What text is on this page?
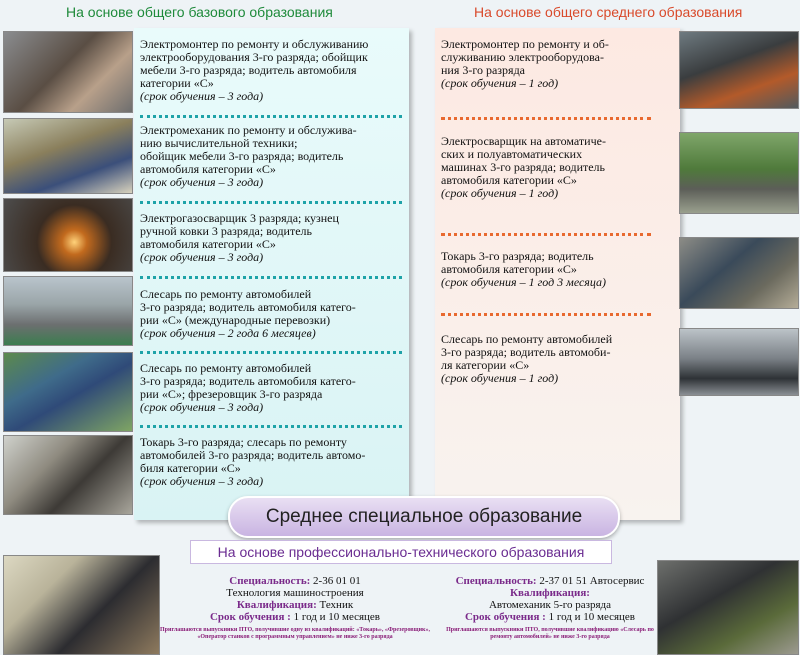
На основе общего базового образования	На основе общего среднего образования
Электромонтер по ремонту и обслуживанию
электрооборудования 3-го разряда; обойщик
мебели 3-го разряда; водитель автомобиля
категории «С»
(срок обучения – 3 года)
Электромеханик по ремонту и обслужива-
нию вычислительной техники;
обойщик мебели 3-го разряда; водитель
автомобиля категории «С»
(срок обучения – 3 года)
Электрогазосварщик 3 разряда; кузнец
ручной ковки 3 разряда; водитель
автомобиля категории «С»
(срок обучения – 3 года)
Слесарь по ремонту автомобилей
3-го разряда; водитель автомобиля катего-
рии «С» (международные перевозки)
(срок обучения – 2 года 6 месяцев)
Слесарь по ремонту автомобилей
3-го разряда; водитель автомобиля катего-
рии «С»; фрезеровщик 3-го разряда
(срок обучения – 3 года)
Токарь 3-го разряда; слесарь по ремонту
автомобилей 3-го разряда; водитель автомо-
биля категории «С»
(срок обучения – 3 года)
Электромонтер по ремонту и об-
служиванию электрооборудова-
ния 3-го разряда
(срок обучения – 1 год)
Электросварщик на автоматиче-
ских и полуавтоматических
машинах 3-го разряда; водитель
автомобиля категории «С»
(срок обучения – 1 год)
Токарь 3-го разряда; водитель
автомобиля категории «С»
(срок обучения – 1 год 3 месяца)
Слесарь по ремонту автомобилей
3-го разряда; водитель автомоби-
ля категории «С»
(срок обучения – 1 год)
Среднее специальное образование
На основе профессионально-технического образования
Специальность: 2-36 01 01
Технология машиностроения
Квалификация: Техник
Срок обучения : 1 год и 10 месяцев
Приглашаются выпускники ПТО, получившие одну из квалификаций: «Токарь», «Фрезеровщик», «Оператор станков с программным управлением» не ниже 3-го разряда
Специальность: 2-37 01 51 Автосервис
Квалификация:
Автомеханик 5-го разряда
Срок обучения : 1 год и 10 месяцев
Приглашаются выпускники ПТО, получившие квалификацию «Слесарь по ремонту автомобилей» не ниже 3-го разряда
